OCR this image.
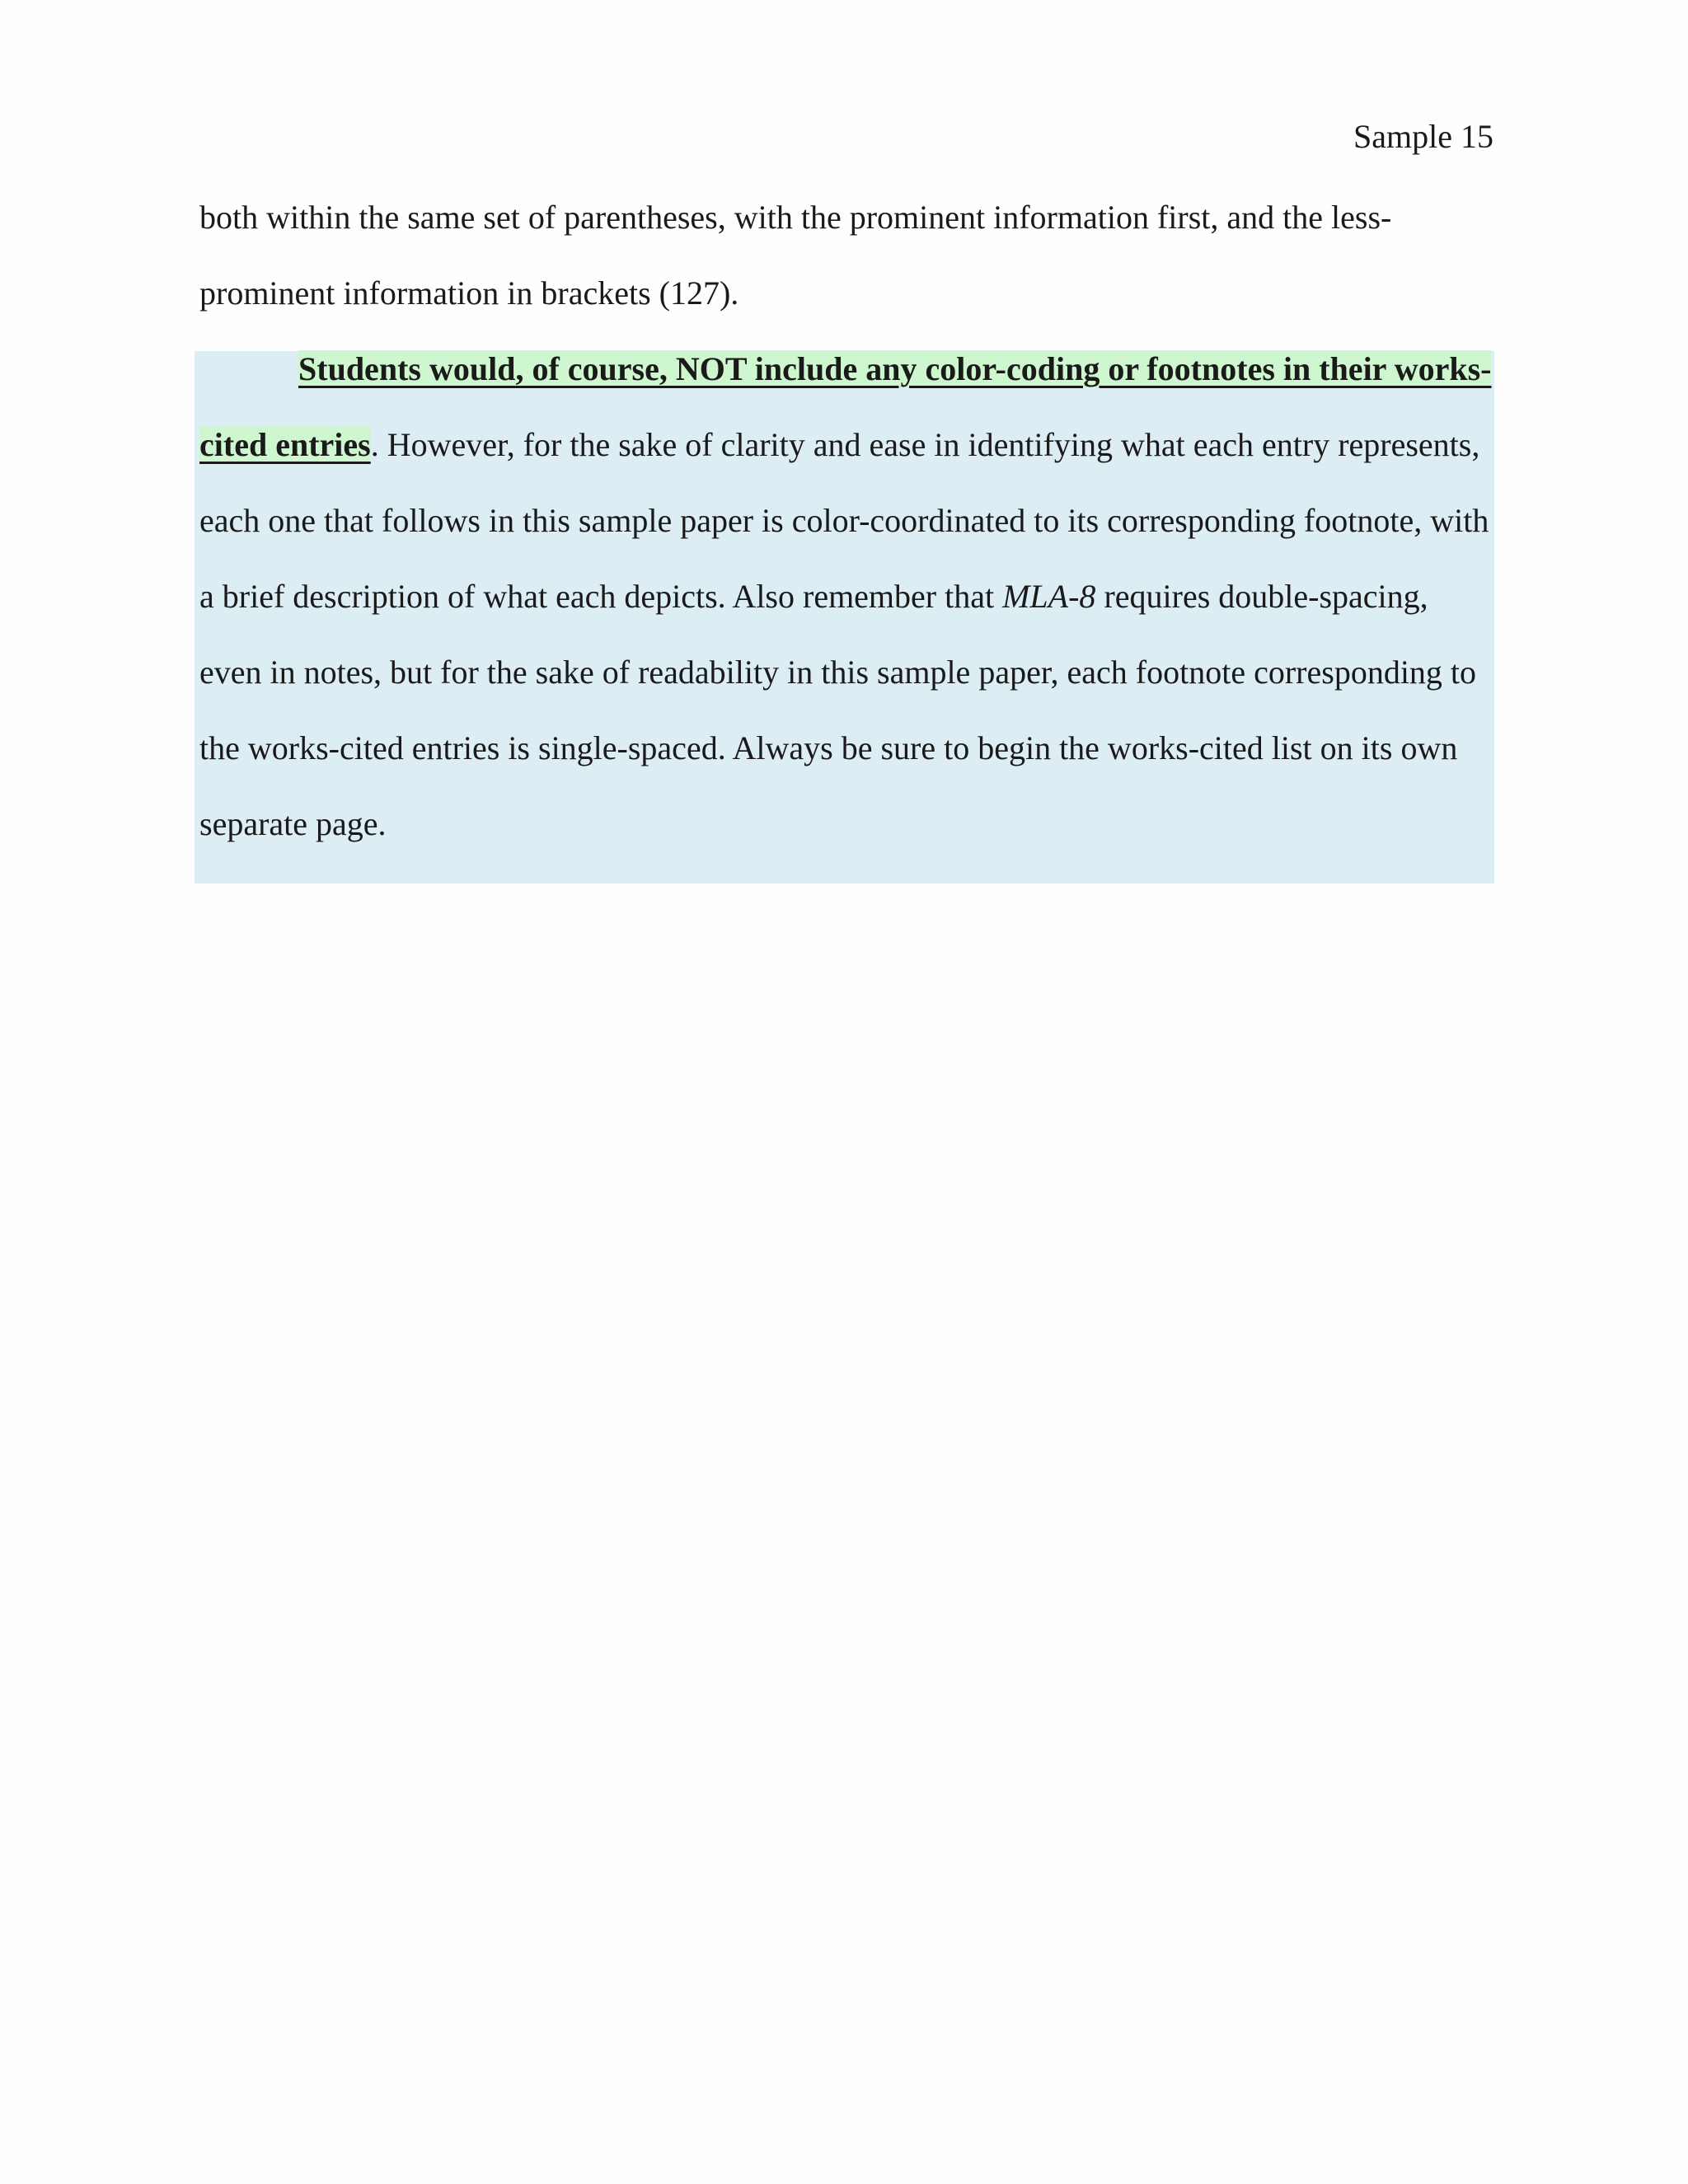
Sample 15
both within the same set of parentheses, with the prominent information first, and the less-prominent information in brackets (127).
Students would, of course, NOT include any color-coding or footnotes in their works-cited entries. However, for the sake of clarity and ease in identifying what each entry represents, each one that follows in this sample paper is color-coordinated to its corresponding footnote, with a brief description of what each depicts. Also remember that MLA-8 requires double-spacing, even in notes, but for the sake of readability in this sample paper, each footnote corresponding to the works-cited entries is single-spaced. Always be sure to begin the works-cited list on its own separate page.
